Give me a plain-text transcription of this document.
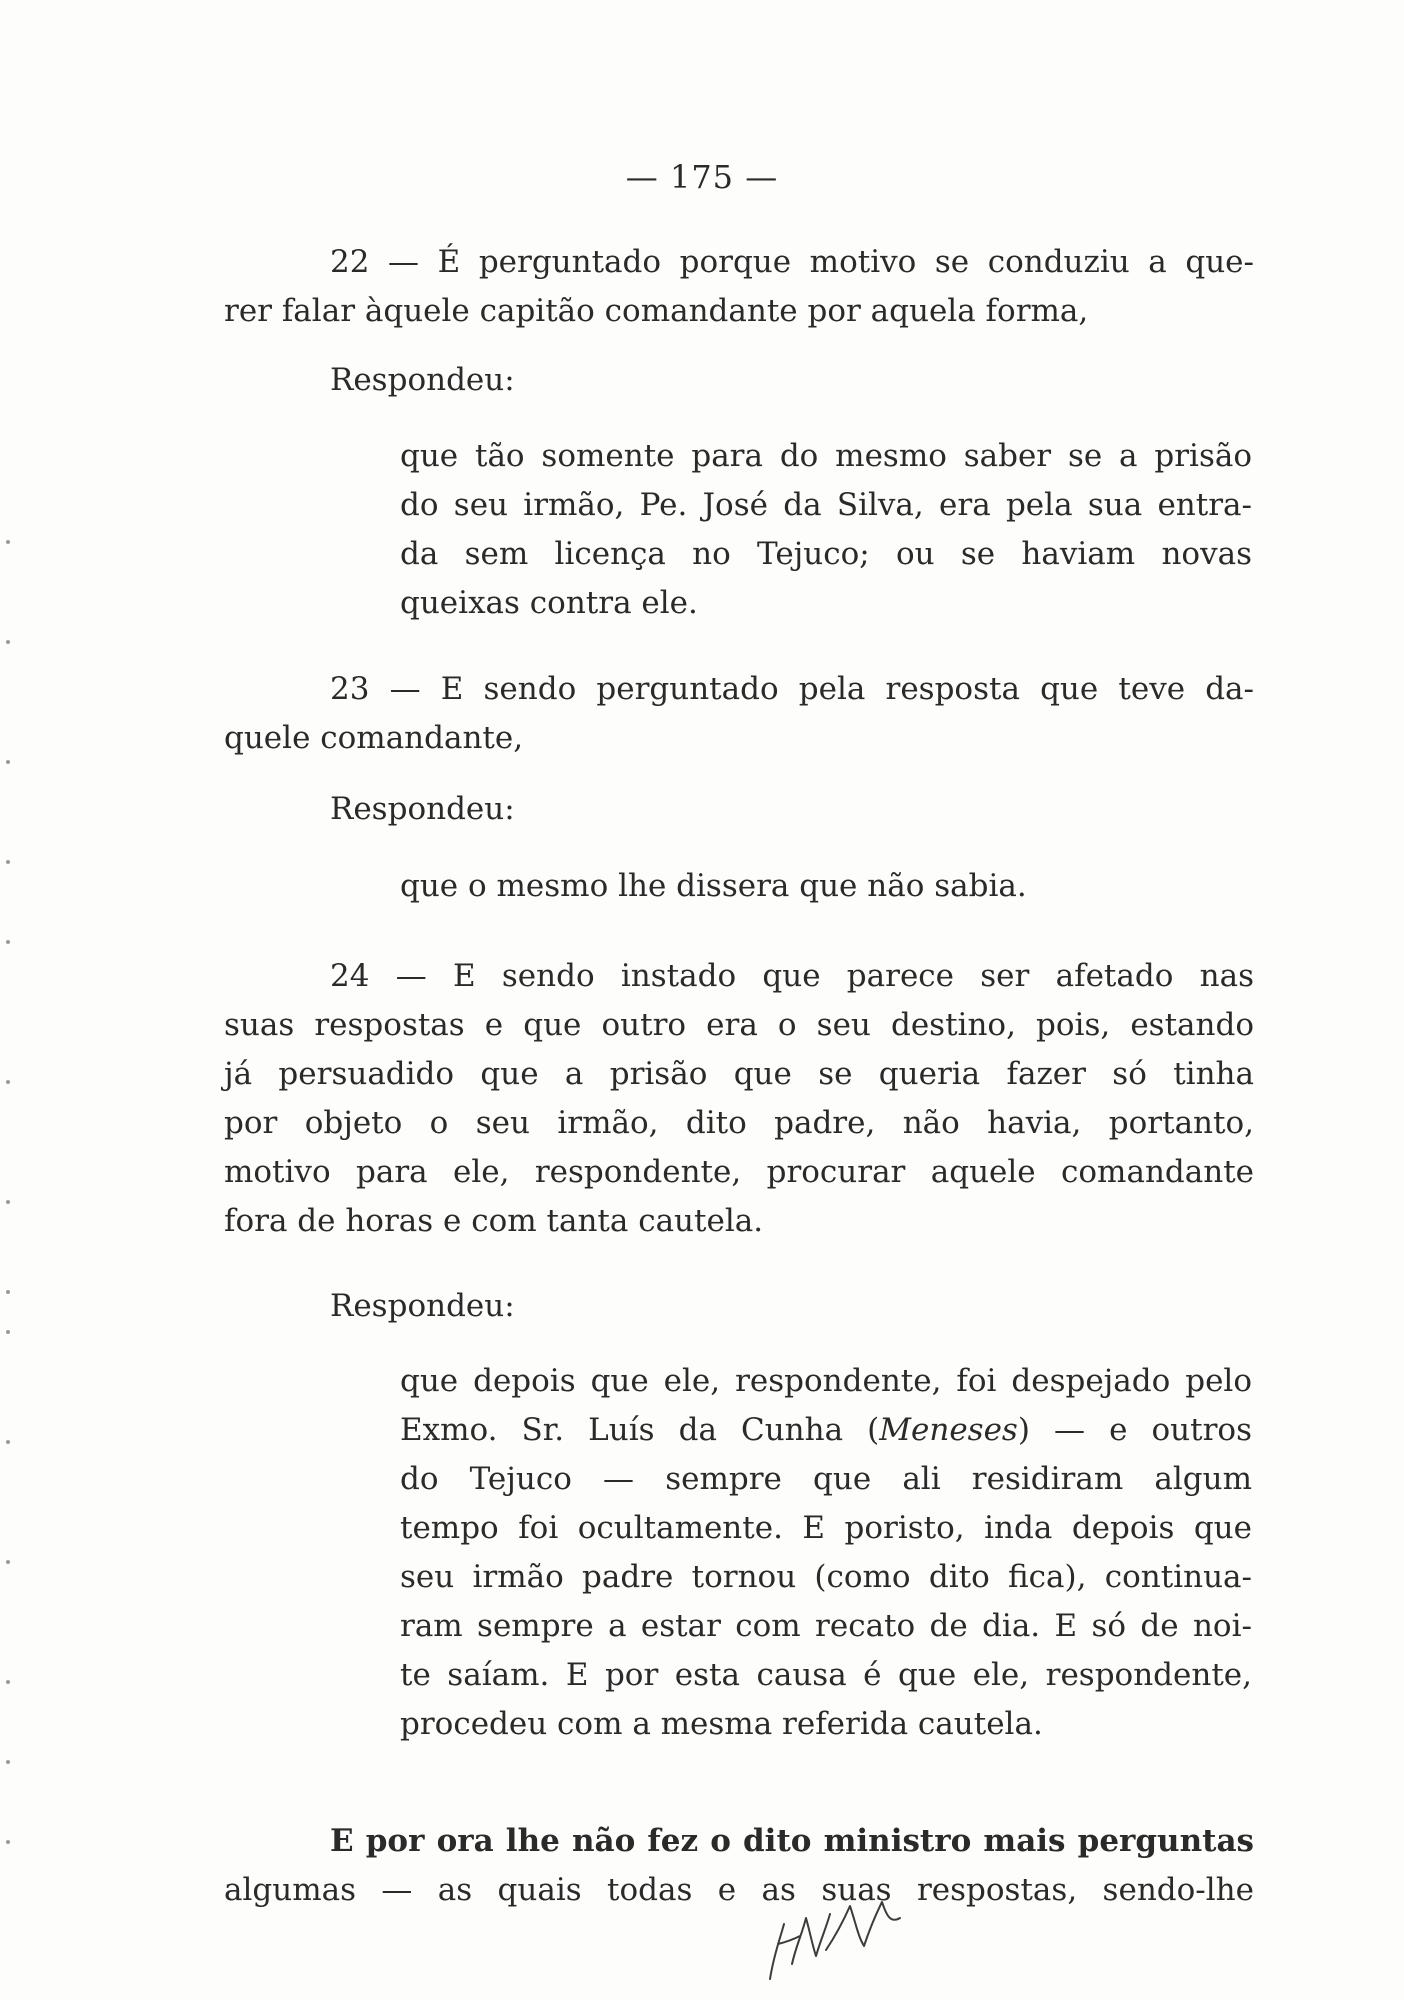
— 175 —
22 — É perguntado porque motivo se conduziu a que-
rer falar àquele capitão comandante por aquela forma,
Respondeu:
que tão somente para do mesmo saber se a prisão
do seu irmão, Pe. José da Silva, era pela sua entra-
da sem licença no Tejuco; ou se haviam novas
queixas contra ele.
23 — E sendo perguntado pela resposta que teve da-
quele comandante,
Respondeu:
que o mesmo lhe dissera que não sabia.
24 — E sendo instado que parece ser afetado nas
suas respostas e que outro era o seu destino, pois, estando
já persuadido que a prisão que se queria fazer só tinha
por objeto o seu irmão, dito padre, não havia, portanto,
motivo para ele, respondente, procurar aquele comandante
fora de horas e com tanta cautela.
Respondeu:
que depois que ele, respondente, foi despejado pelo
Exmo. Sr. Luís da Cunha (Meneses) — e outros
do Tejuco — sempre que ali residiram algum
tempo foi ocultamente. E poristo, inda depois que
seu irmão padre tornou (como dito fica), continua-
ram sempre a estar com recato de dia. E só de noi-
te saíam. E por esta causa é que ele, respondente,
procedeu com a mesma referida cautela.
E por ora lhe não fez o dito ministro mais perguntas
algumas — as quais todas e as suas respostas, sendo-lhe
